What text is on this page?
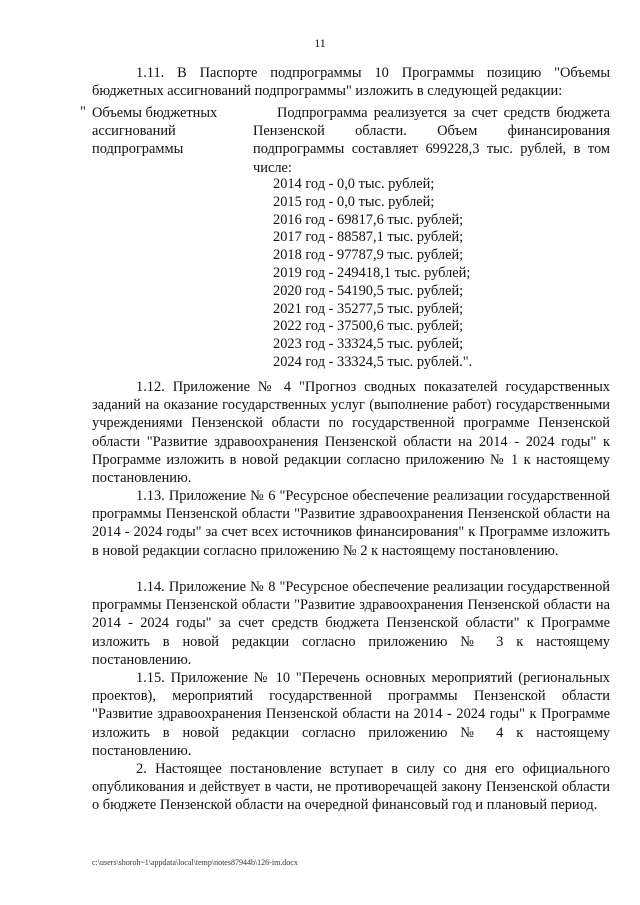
11
1.11. В Паспорте подпрограммы 10 Программы позицию "Объемы бюджетных ассигнований подпрограммы" изложить в следующей редакции:
" Объемы бюджетных ассигнований подпрограммы
Подпрограмма реализуется за счет средств бюджета Пензенской области. Объем финансирования подпрограммы составляет 699228,3 тыс. рублей, в том числе:
2014 год - 0,0 тыс. рублей;
2015 год - 0,0 тыс. рублей;
2016 год - 69817,6 тыс. рублей;
2017 год - 88587,1 тыс. рублей;
2018 год - 97787,9 тыс. рублей;
2019 год - 249418,1 тыс. рублей;
2020 год - 54190,5 тыс. рублей;
2021 год - 35277,5 тыс. рублей;
2022 год - 37500,6 тыс. рублей;
2023 год - 33324,5 тыс. рублей;
2024 год - 33324,5 тыс. рублей.".
1.12. Приложение № 4 "Прогноз сводных показателей государственных заданий на оказание государственных услуг (выполнение работ) государственными учреждениями Пензенской области по государственной программе Пензенской области "Развитие здравоохранения Пензенской области на 2014 - 2024 годы" к Программе изложить в новой редакции согласно приложению № 1 к настоящему постановлению.
1.13. Приложение № 6 "Ресурсное обеспечение реализации государственной программы Пензенской области "Развитие здравоохранения Пензенской области на 2014 - 2024 годы" за счет всех источников финансирования" к Программе изложить в новой редакции согласно приложению № 2 к настоящему постановлению.
1.14. Приложение № 8 "Ресурсное обеспечение реализации государственной программы Пензенской области "Развитие здравоохранения Пензенской области на 2014 - 2024 годы" за счет средств бюджета Пензенской области" к Программе изложить в новой редакции согласно приложению № 3 к настоящему постановлению.
1.15. Приложение № 10 "Перечень основных мероприятий (региональных проектов), мероприятий государственной программы Пензенской области "Развитие здравоохранения Пензенской области на 2014 - 2024 годы" к Программе изложить в новой редакции согласно приложению № 4 к настоящему постановлению.
2. Настоящее постановление вступает в силу со дня его официального опубликования и действует в части, не противоречащей закону Пензенской области о бюджете Пензенской области на очередной финансовый год и плановый период.
c:\users\shoroh~1\appdata\local\temp\notes87944b\126-im.docx
